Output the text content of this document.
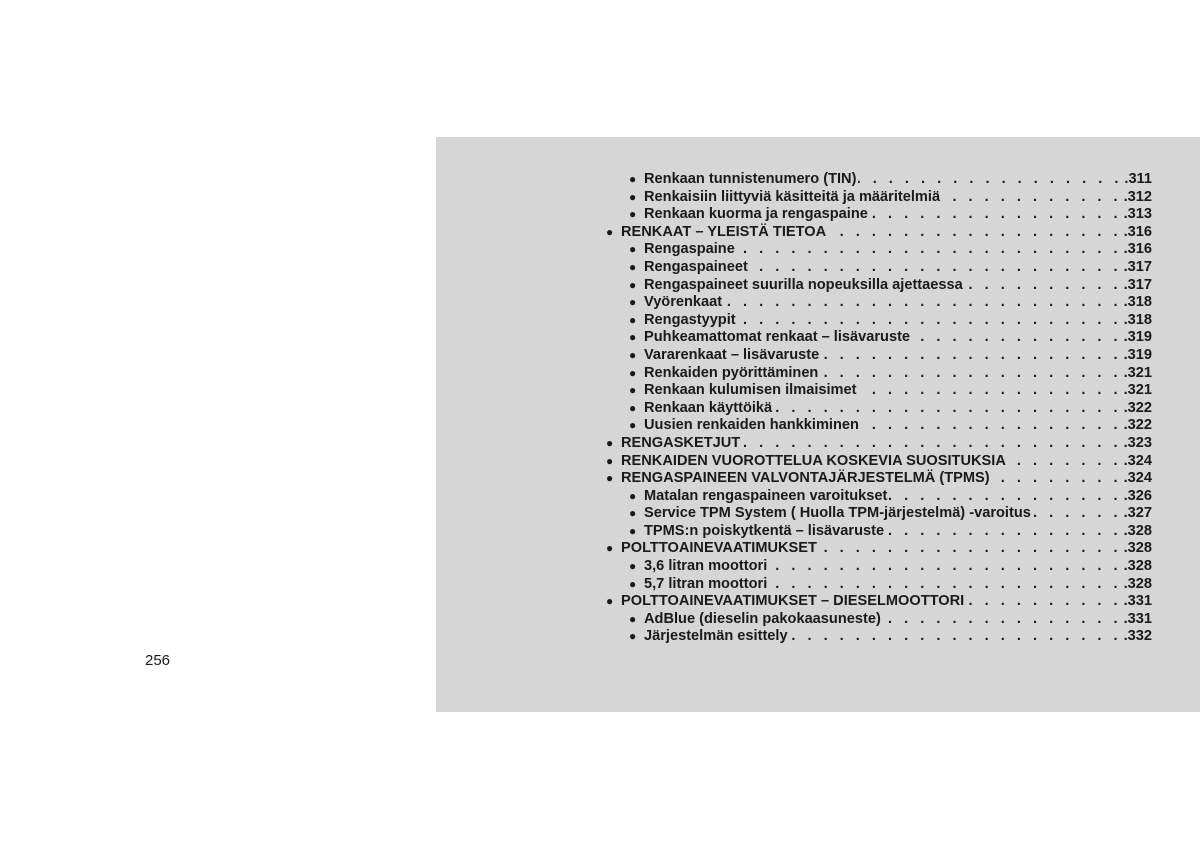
● Renkaan tunnistenumero (TIN) . . .	.311
● Renkaisiin liittyviä käsitteitä ja määritelmiä . . .	.312
● Renkaan kuorma ja rengaspaine . . .	.313
● RENKAAT – YLEISTÄ TIETOA . . .	.316
● Rengaspaine . . .	.316
● Rengaspaineet . . .	.317
● Rengaspaineet suurilla nopeuksilla ajettaessa . . .	.317
● Vyörenkaat . . .	.318
● Rengastyypit . . .	.318
● Puhkeamattomat renkaat – lisävaruste . . .	.319
● Vararenkaat – lisävaruste . . .	.319
● Renkaiden pyörittäminen . . .	.321
● Renkaan kulumisen ilmaisimet . . .	.321
● Renkaan käyttöikä . . .	.322
● Uusien renkaiden hankkiminen . . .	.322
● RENGASKETJUT . . .	.323
● RENKAIDEN VUOROTTELUA KOSKEVIA SUOSITUKSIA . . .	.324
● RENGASPAINEEN VALVONTAJÄRJESTELMÄ (TPMS) . . .	.324
● Matalan rengaspaineen varoitukset . . .	.326
● Service TPM System ( Huolla TPM-järjestelmä) -varoitus . . .	.327
● TPMS:n poiskytkentä – lisävaruste . . .	.328
● POLTTOAINEVAATIMUKSET . . .	.328
● 3,6 litran moottori . . .	.328
● 5,7 litran moottori . . .	.328
● POLTTOAINEVAATIMUKSET – DIESELMOOTTORI . . .	.331
● AdBlue (dieselin pakokaasuneste) . . .	.331
● Järjestelmän esittely . . .	.332
256
